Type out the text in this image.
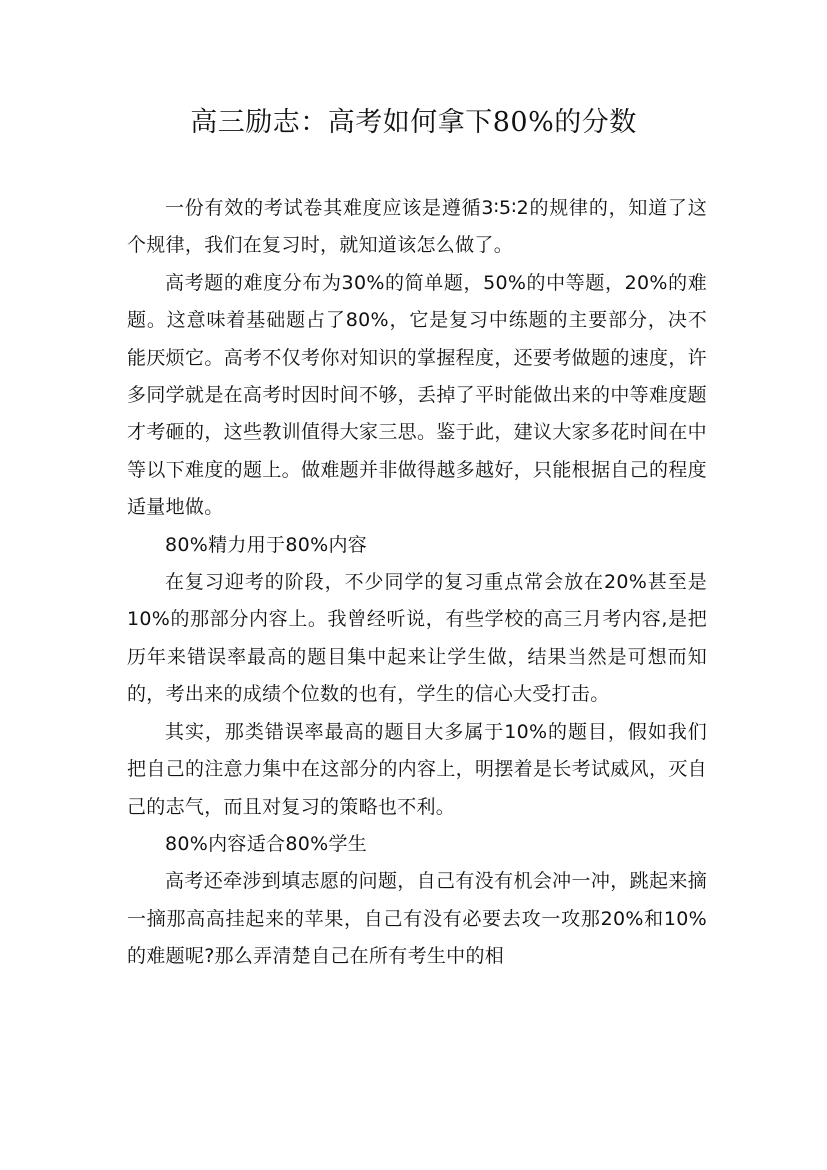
高三励志：高考如何拿下80%的分数

一份有效的考试卷其难度应该是遵循3∶5∶2的规律的，知道了这个规律，我们在复习时，就知道该怎么做了。

高考题的难度分布为30%的简单题，50%的中等题，20%的难题。这意味着基础题占了80%，它是复习中练题的主要部分，决不能厌烦它。高考不仅考你对知识的掌握程度，还要考做题的速度，许多同学就是在高考时因时间不够，丢掉了平时能做出来的中等难度题才考砸的，这些教训值得大家三思。鉴于此，建议大家多花时间在中等以下难度的题上。做难题并非做得越多越好，只能根据自己的程度适量地做。

80%精力用于80%内容

在复习迎考的阶段，不少同学的复习重点常会放在20%甚至是10%的那部分内容上。我曾经听说，有些学校的高三月考内容,是把历年来错误率最高的题目集中起来让学生做，结果当然是可想而知的，考出来的成绩个位数的也有，学生的信心大受打击。

其实，那类错误率最高的题目大多属于10%的题目，假如我们把自己的注意力集中在这部分的内容上，明摆着是长考试威风，灭自己的志气，而且对复习的策略也不利。

80%内容适合80%学生

高考还牵涉到填志愿的问题，自己有没有机会冲一冲，跳起来摘一摘那高高挂起来的苹果，自己有没有必要去攻一攻那20%和10%的难题呢?那么弄清楚自己在所有考生中的相
